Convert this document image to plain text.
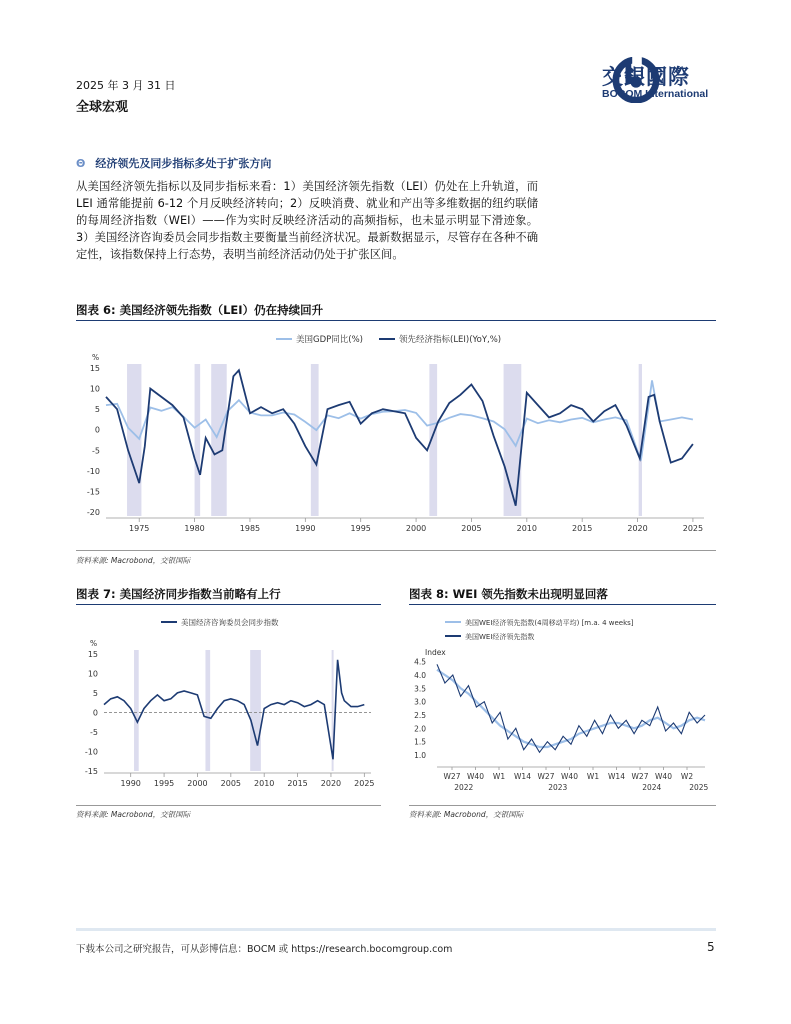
2025 年 3 月 31 日
全球宏观
交銀國際
BOCOM International
Θ 经济领先及同步指标多处于扩张方向
从美国经济领先指标以及同步指标来看：1）美国经济领先指数（LEI）仍处在上升轨道，而 LEI 通常能提前 6-12 个月反映经济转向；2）反映消费、就业和产出等多维数据的纽约联储的每周经济指数（WEI）——作为实时反映经济活动的高频指标，也未显示明显下滑迹象。3）美国经济咨询委员会同步指数主要衡量当前经济状况。最新数据显示，尽管存在各种不确定性，该指数保持上行态势，表明当前经济活动仍处于扩张区间。
图表 6: 美国经济领先指数（LEI）仍在持续回升
15
10
5
0
-5
-10
-15
-20
%
1975	1980	1985	1990	1995	2000	2005	2010	2015	2020	2025
美国GDP同比(%)	领先经济指标(LEI)(YoY,%)
资料来源: Macrobond，交银国际
图表 7: 美国经济同步指数当前略有上行
15
10
5
0
-5
-10
-15
%
1990 1995 2000 2005 2010 2015 2020 2025
美国经济咨询委员会同步指数
资料来源: Macrobond，交银国际
图表 8: WEI 领先指数未出现明显回落
Index
4.5
4.0
3.5
3.0
2.5
2.0
1.5
1.0
W27 W40 W1 W14 W27 W40 W1 W14 W27 W40 W2
2022	2023	2024	2025
美国WEI经济领先指数(4周移动平均) [m.a. 4 weeks]
美国WEI经济领先指数
资料来源: Macrobond，交银国际
下载本公司之研究报告，可从彭博信息：BOCM 或 https://research.bocomgroup.com	5
